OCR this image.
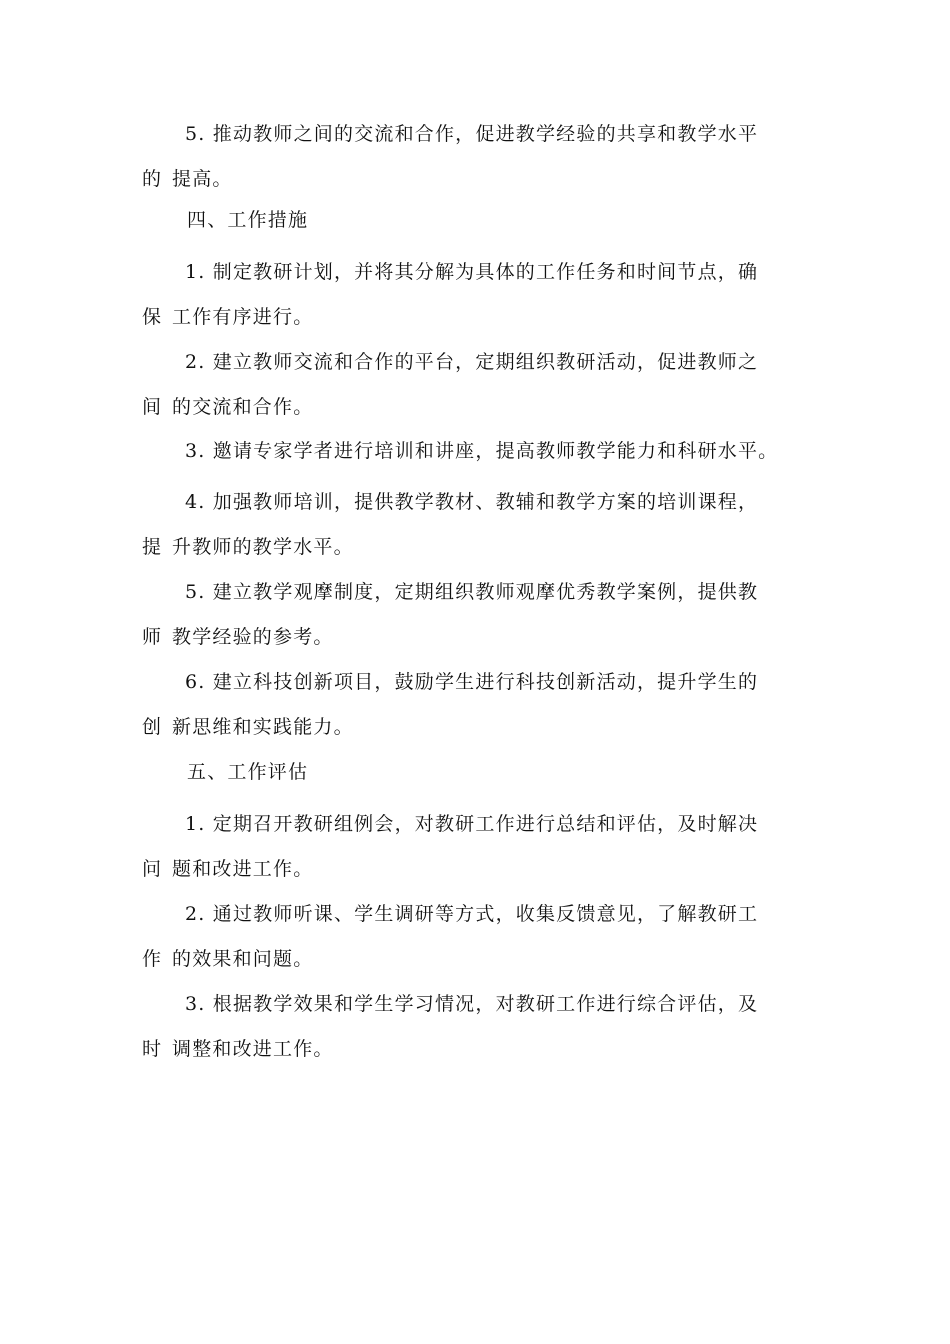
5. 推动教师之间的交流和合作，促进教学经验的共享和教学水平
的 提高。
四、工作措施
1. 制定教研计划，并将其分解为具体的工作任务和时间节点，确
保 工作有序进行。
2. 建立教师交流和合作的平台，定期组织教研活动，促进教师之
间 的交流和合作。
3. 邀请专家学者进行培训和讲座，提高教师教学能力和科研水平。
4. 加强教师培训，提供教学教材、教辅和教学方案的培训课程，
提 升教师的教学水平。
5. 建立教学观摩制度，定期组织教师观摩优秀教学案例，提供教
师 教学经验的参考。
6. 建立科技创新项目，鼓励学生进行科技创新活动，提升学生的
创 新思维和实践能力。
五、工作评估
1. 定期召开教研组例会，对教研工作进行总结和评估，及时解决
问 题和改进工作。
2. 通过教师听课、学生调研等方式，收集反馈意见，了解教研工
作 的效果和问题。
3. 根据教学效果和学生学习情况，对教研工作进行综合评估，及
时 调整和改进工作。
